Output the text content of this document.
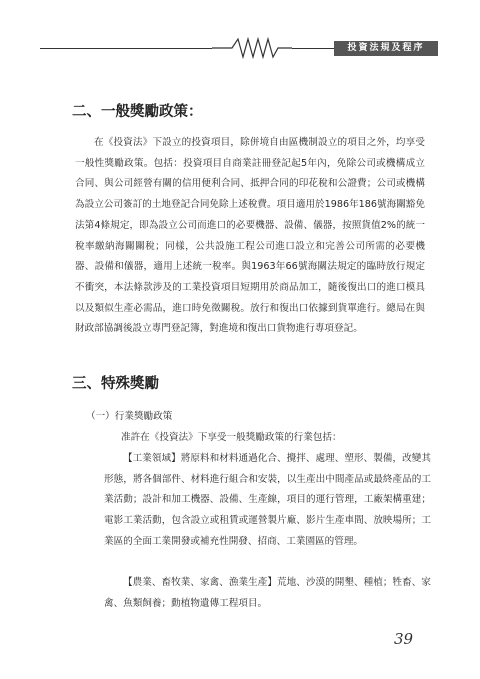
投資法規及程序
二、一般獎勵政策：

在《投資法》下設立的投資項目，除併境自由區機制設立的項目之外，均享受一般性獎勵政策。包括：投資項目自商業註冊登記起5年內，免除公司或機構成立合同、與公司經營有關的信用便利合同、抵押合同的印花稅和公證費；公司或機構為設立公司簽訂的土地登記合同免除上述稅費。項目適用於1986年186號海關豁免法第4條規定，即為設立公司而進口的必要機器、設備、儀器，按照貨值2%的統一稅率繳納海關關稅；同樣，公共設施工程公司進口設立和完善公司所需的必要機器、設備和儀器，適用上述統一稅率。與1963年66號海關法規定的臨時放行規定不衝突，本法條款涉及的工業投資項目短期用於商品加工，隨後復出口的進口模具以及類似生產必需品，進口時免徵關稅。放行和復出口依據到貨單進行。總局在與財政部協調後設立專門登記簿，對進境和復出口貨物進行專項登記。

三、特殊獎勵

（一）行業獎勵政策

准許在《投資法》下享受一般獎勵政策的行業包括：

【工業領域】將原料和材料通過化合、攪拌、處理、塑形、製備，改變其形態，將各個部件、材料進行組合和安裝，以生產出中間產品或最終產品的工業活動；設計和加工機器、設備、生產線，項目的運行管理，工廠架構重建；電影工業活動，包含設立或租賃或運營製片廠、影片生產車間、放映場所；工業區的全面工業開發或補充性開發、招商、工業園區的管理。

【農業、畜牧業、家禽、漁業生產】荒地、沙漠的開墾、種植；牲畜、家禽、魚類飼養；動植物遺傳工程項目。

39
